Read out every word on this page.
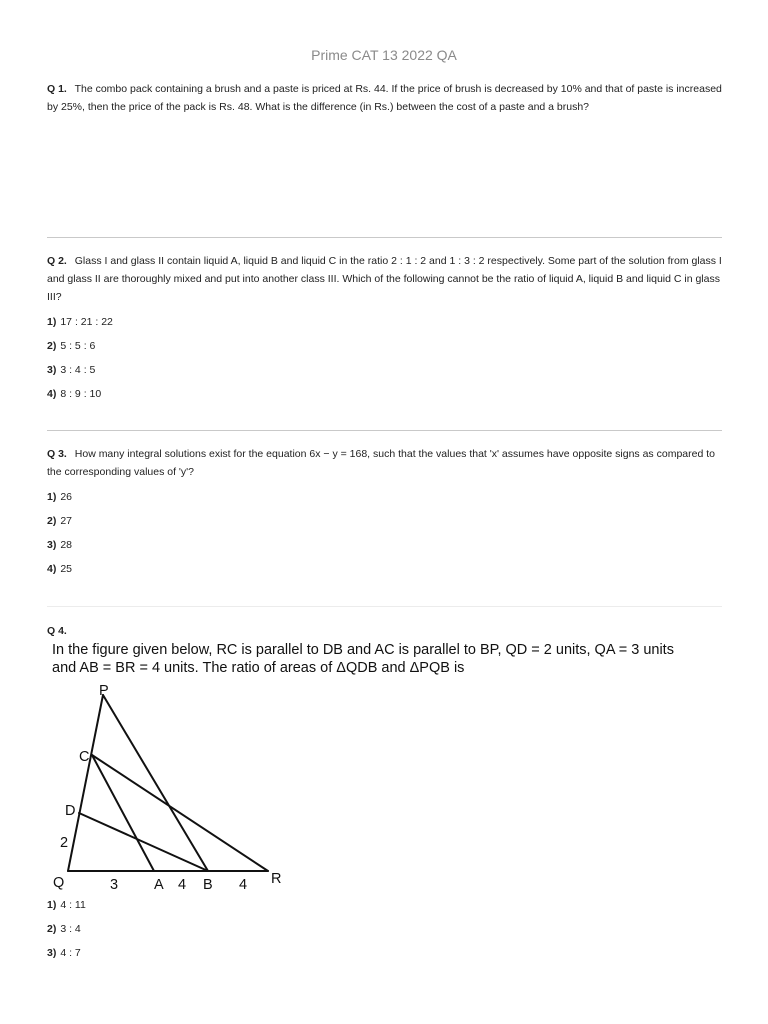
Prime CAT 13 2022 QA
Q 1. The combo pack containing a brush and a paste is priced at Rs. 44. If the price of brush is decreased by 10% and that of paste is increased by 25%, then the price of the pack is Rs. 48. What is the difference (in Rs.) between the cost of a paste and a brush?
Q 2. Glass I and glass II contain liquid A, liquid B and liquid C in the ratio 2 : 1 : 2 and 1 : 3 : 2 respectively. Some part of the solution from glass I and glass II are thoroughly mixed and put into another class III. Which of the following cannot be the ratio of liquid A, liquid B and liquid C in glass III?
1) 17 : 21 : 22
2) 5 : 5 : 6
3) 3 : 4 : 5
4) 8 : 9 : 10
Q 3. How many integral solutions exist for the equation 6x − y = 168, such that the values that 'x' assumes have opposite signs as compared to the corresponding values of 'y'?
1) 26
2) 27
3) 28
4) 25
Q 4.
In the figure given below, RC is parallel to DB and AC is parallel to BP, QD = 2 units, QA = 3 units
and AB = BR = 4 units. The ratio of areas of ΔQDB and ΔPQB is
P
C
D
2
Q	3 A 4 B 4 R
1) 4 : 11
2) 3 : 4
3) 4 : 7
